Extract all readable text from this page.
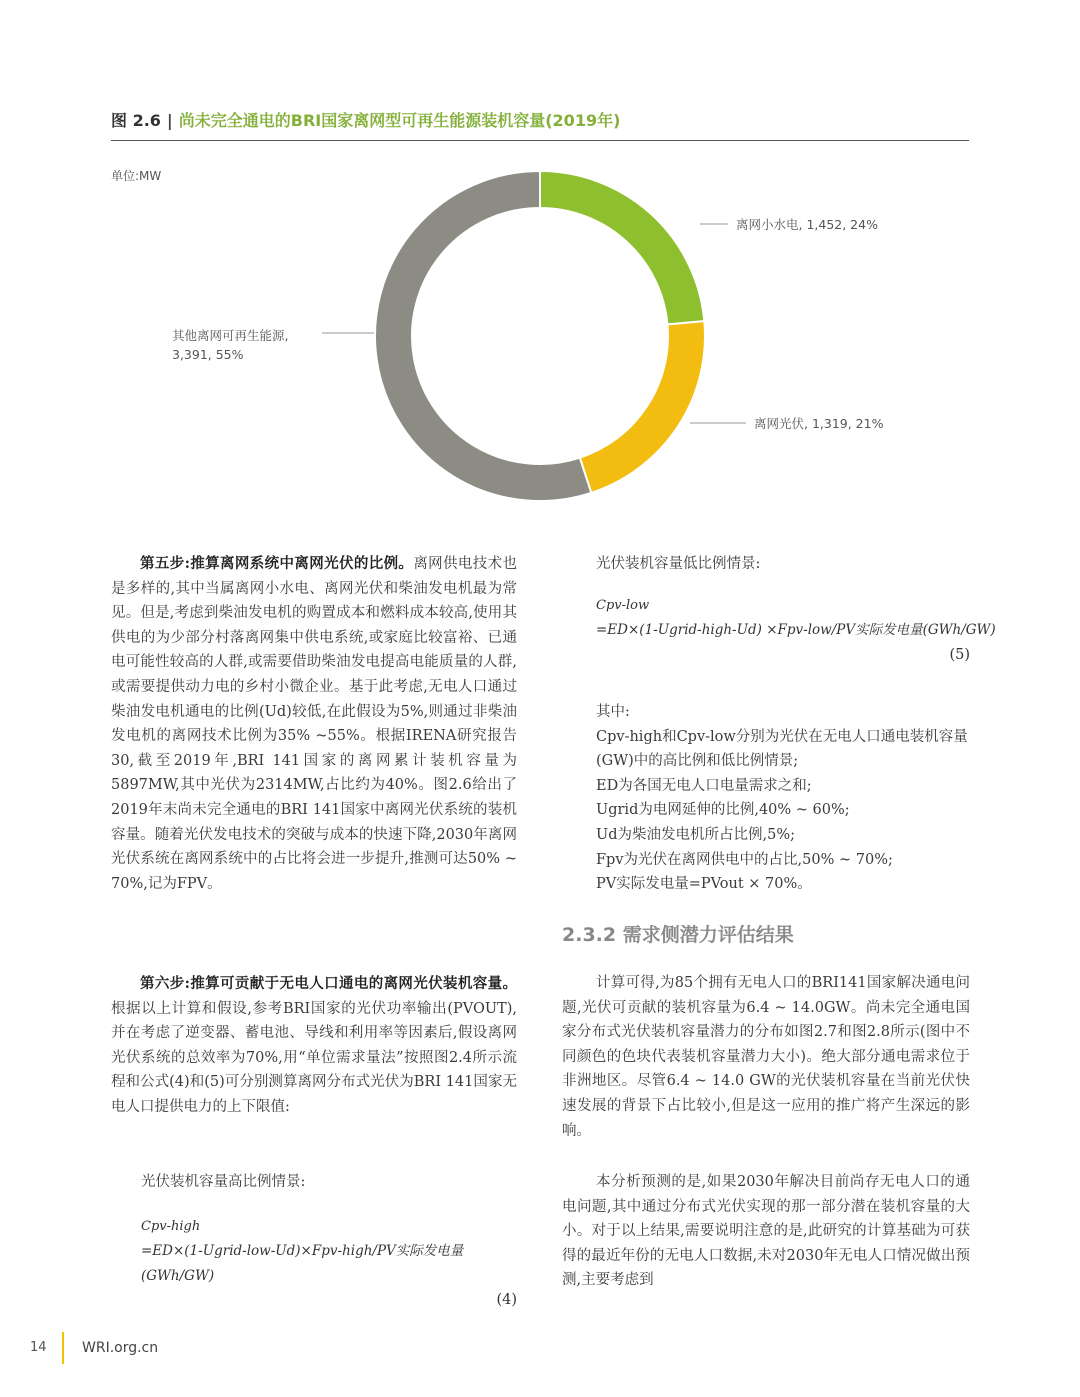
图 2.6 | 尚未完全通电的BRI国家离网型可再生能源装机容量(2019年)
单位:MW
离网小水电, 1,452, 24%
离网光伏, 1,319, 21%
其他离网可再生能源,
3,391, 55%

第五步:推算离网系统中离网光伏的比例。离网供电技术也是多样的,其中当属离网小水电、离网光伏和柴油发电机最为常见。但是,考虑到柴油发电机的购置成本和燃料成本较高,使用其供电的为少部分村落离网集中供电系统,或家庭比较富裕、已通电可能性较高的人群,或需要借助柴油发电提高电能质量的人群,或需要提供动力电的乡村小微企业。基于此考虑,无电人口通过柴油发电机通电的比例(Ud)较低,在此假设为5%,则通过非柴油发电机的离网技术比例为35% ~55%。根据IRENA研究报告30,截至2019年,BRI 141国家的离网累计装机容量为5897MW,其中光伏为2314MW,占比约为40%。图2.6给出了2019年末尚未完全通电的BRI 141国家中离网光伏系统的装机容量。随着光伏发电技术的突破与成本的快速下降,2030年离网光伏系统在离网系统中的占比将会进一步提升,推测可达50% ~ 70%,记为FPV。

第六步:推算可贡献于无电人口通电的离网光伏装机容量。根据以上计算和假设,参考BRI国家的光伏功率输出(PVOUT),并在考虑了逆变器、蓄电池、导线和利用率等因素后,假设离网光伏系统的总效率为70%,用“单位需求量法”按照图2.4所示流程和公式(4)和(5)可分别测算离网分布式光伏为BRI 141国家无电人口提供电力的上下限值:

光伏装机容量高比例情景:

Cpv-high

=ED×(1-Ugrid-low-Ud)×Fpv-high/PV实际发电量(GWh/GW)

(4)

光伏装机容量低比例情景:

Cpv-low

=ED×(1-Ugrid-high-Ud) ×Fpv-low/PV实际发电量(GWh/GW)

(5)

其中:

Cpv-high和Cpv-low分别为光伏在无电人口通电装机容量(GW)中的高比例和低比例情景;

ED为各国无电人口电量需求之和;

Ugrid为电网延伸的比例,40% ~ 60%;

Ud为柴油发电机所占比例,5%;

Fpv为光伏在离网供电中的占比,50% ~ 70%;

PV实际发电量=PVout × 70%。

2.3.2 需求侧潜力评估结果

计算可得,为85个拥有无电人口的BRI141国家解决通电问题,光伏可贡献的装机容量为6.4 ~ 14.0GW。尚未完全通电国家分布式光伏装机容量潜力的分布如图2.7和图2.8所示(图中不同颜色的色块代表装机容量潜力大小)。绝大部分通电需求位于非洲地区。尽管6.4 ~ 14.0 GW的光伏装机容量在当前光伏快速发展的背景下占比较小,但是这一应用的推广将产生深远的影响。

本分析预测的是,如果2030年解决目前尚存无电人口的通电问题,其中通过分布式光伏实现的那一部分潜在装机容量的大小。对于以上结果,需要说明注意的是,此研究的计算基础为可获得的最近年份的无电人口数据,未对2030年无电人口情况做出预测,主要考虑到

14	WRI.org.cn
